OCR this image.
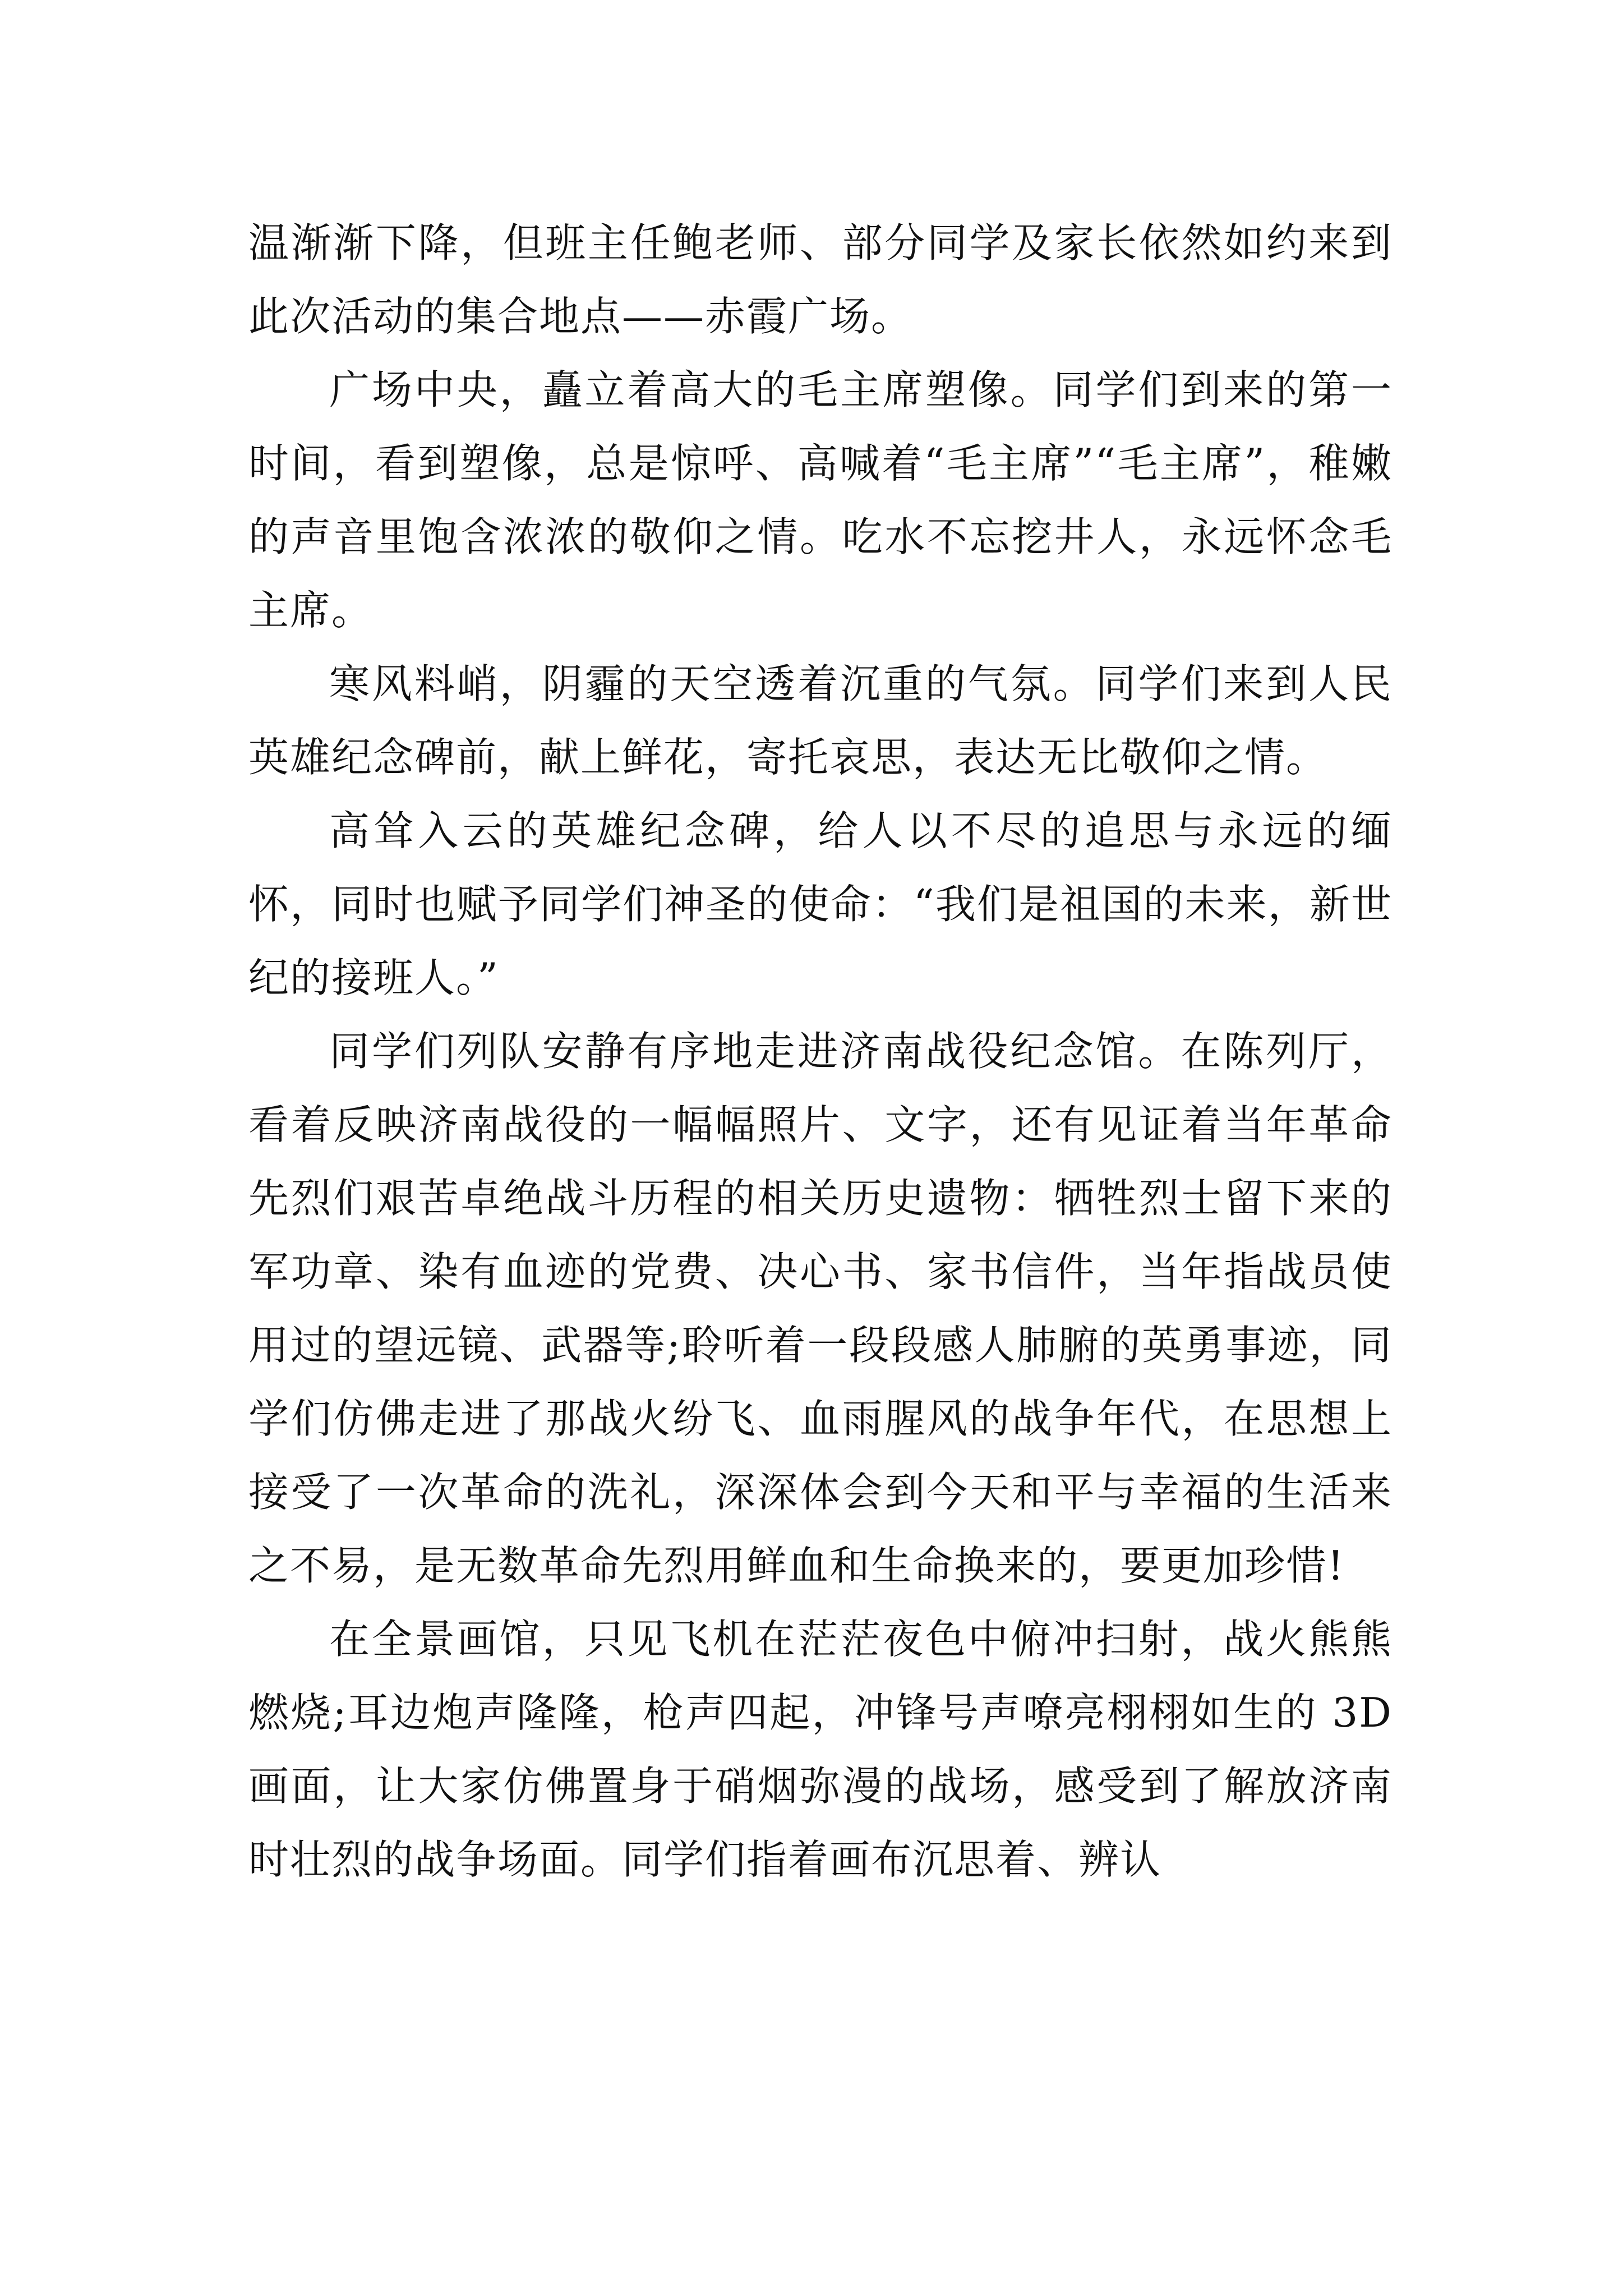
温渐渐下降，但班主任鲍老师、部分同学及家长依然如约来到此次活动的集合地点——赤霞广场。

广场中央，矗立着高大的毛主席塑像。同学们到来的第一时间，看到塑像，总是惊呼、高喊着“毛主席”“毛主席”，稚嫩的声音里饱含浓浓的敬仰之情。吃水不忘挖井人，永远怀念毛主席。

寒风料峭，阴霾的天空透着沉重的气氛。同学们来到人民英雄纪念碑前，献上鲜花，寄托哀思，表达无比敬仰之情。

高耸入云的英雄纪念碑，给人以不尽的追思与永远的缅怀，同时也赋予同学们神圣的使命：“我们是祖国的未来，新世纪的接班人。”

同学们列队安静有序地走进济南战役纪念馆。在陈列厅，看着反映济南战役的一幅幅照片、文字，还有见证着当年革命先烈们艰苦卓绝战斗历程的相关历史遗物：牺牲烈士留下来的军功章、染有血迹的党费、决心书、家书信件，当年指战员使用过的望远镜、武器等;聆听着一段段感人肺腑的英勇事迹，同学们仿佛走进了那战火纷飞、血雨腥风的战争年代，在思想上接受了一次革命的洗礼，深深体会到今天和平与幸福的生活来之不易，是无数革命先烈用鲜血和生命换来的，要更加珍惜!

在全景画馆，只见飞机在茫茫夜色中俯冲扫射，战火熊熊燃烧;耳边炮声隆隆，枪声四起，冲锋号声嘹亮栩栩如生的 3D 画面，让大家仿佛置身于硝烟弥漫的战场，感受到了解放济南时壮烈的战争场面。同学们指着画布沉思着、辨认
